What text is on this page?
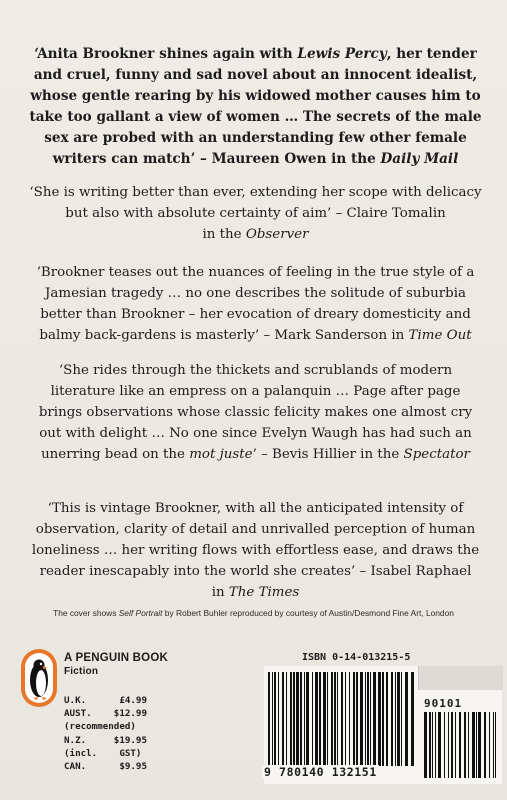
‘Anita Brookner shines again with Lewis Percy, her tender
and cruel, funny and sad novel about an innocent idealist,
whose gentle rearing by his widowed mother causes him to
take too gallant a view of women … The secrets of the male
sex are probed with an understanding few other female
writers can match’ – Maureen Owen in the Daily Mail
‘She is writing better than ever, extending her scope with delicacy
but also with absolute certainty of aim’ – Claire Tomalin
in the Observer
‘Brookner teases out the nuances of feeling in the true style of a
Jamesian tragedy … no one describes the solitude of suburbia
better than Brookner – her evocation of dreary domesticity and
balmy back-gardens is masterly’ – Mark Sanderson in Time Out
‘She rides through the thickets and scrublands of modern
literature like an empress on a palanquin … Page after page
brings observations whose classic felicity makes one almost cry
out with delight … No one since Evelyn Waugh has had such an
unerring bead on the mot juste’ – Bevis Hillier in the Spectator
‘This is vintage Brookner, with all the anticipated intensity of
observation, clarity of detail and unrivalled perception of human
loneliness … her writing flows with effortless ease, and draws the
reader inescapably into the world she creates’ – Isabel Raphael
in The Times
The cover shows Self Portrait by Robert Buhler reproduced by courtesy of Austin/Desmond Fine Art, London
A PENGUIN BOOK
Fiction
U.K.      £4.99
AUST.    $12.99
(recommended)
N.Z.     $19.95
(incl.    GST)
CAN.      $9.95
ISBN 0-14-013215-5
90101
9 780140 132151
